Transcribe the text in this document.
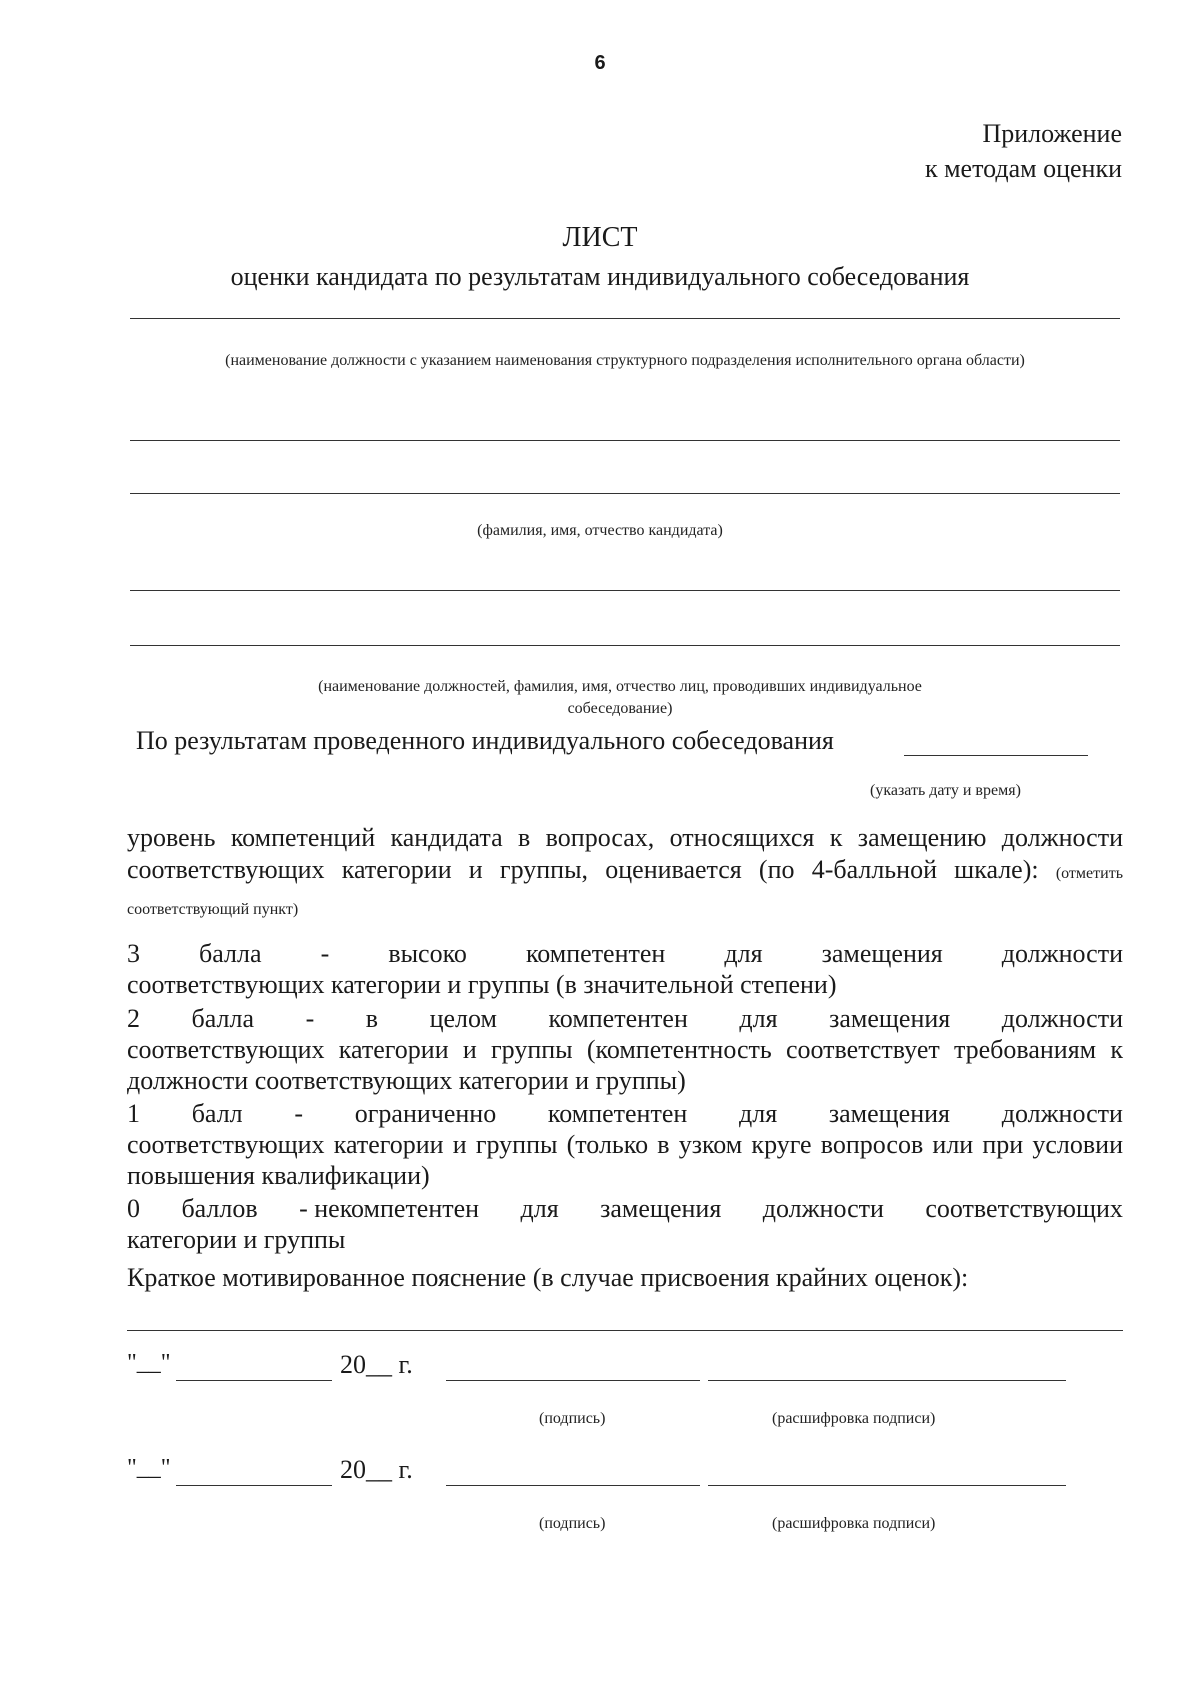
6
Приложение
к методам оценки
ЛИСТ
оценки кандидата по результатам индивидуального собеседования
(наименование должности с указанием наименования структурного подразделения исполнительного органа области)
(фамилия, имя, отчество кандидата)
(наименование должностей, фамилия, имя, отчество лиц, проводивших индивидуальное собеседование)
По результатам проведенного индивидуального собеседования
(указать дату и время)
уровень компетенций кандидата в вопросах, относящихся к замещению должности соответствующих категории и группы, оценивается (по 4-балльной шкале): (отметить соответствующий пункт)
3 балла - высоко компетентен для замещения должности
соответствующих категории и группы (в значительной степени)
2 балла - в целом компетентен для замещения должности
соответствующих категории и группы (компетентность соответствует требованиям к должности соответствующих категории и группы)
1 балл - ограниченно компетентен для замещения должности
соответствующих категории и группы (только в узком круге вопросов или при условии повышения квалификации)
0 баллов - некомпетентен для замещения должности соответствующих
категории и группы
Краткое мотивированное пояснение (в случае присвоения крайних оценок):
"__"	20__ г.
(подпись)	(расшифровка подписи)
"__"	20__ г.
(подпись)	(расшифровка подписи)
